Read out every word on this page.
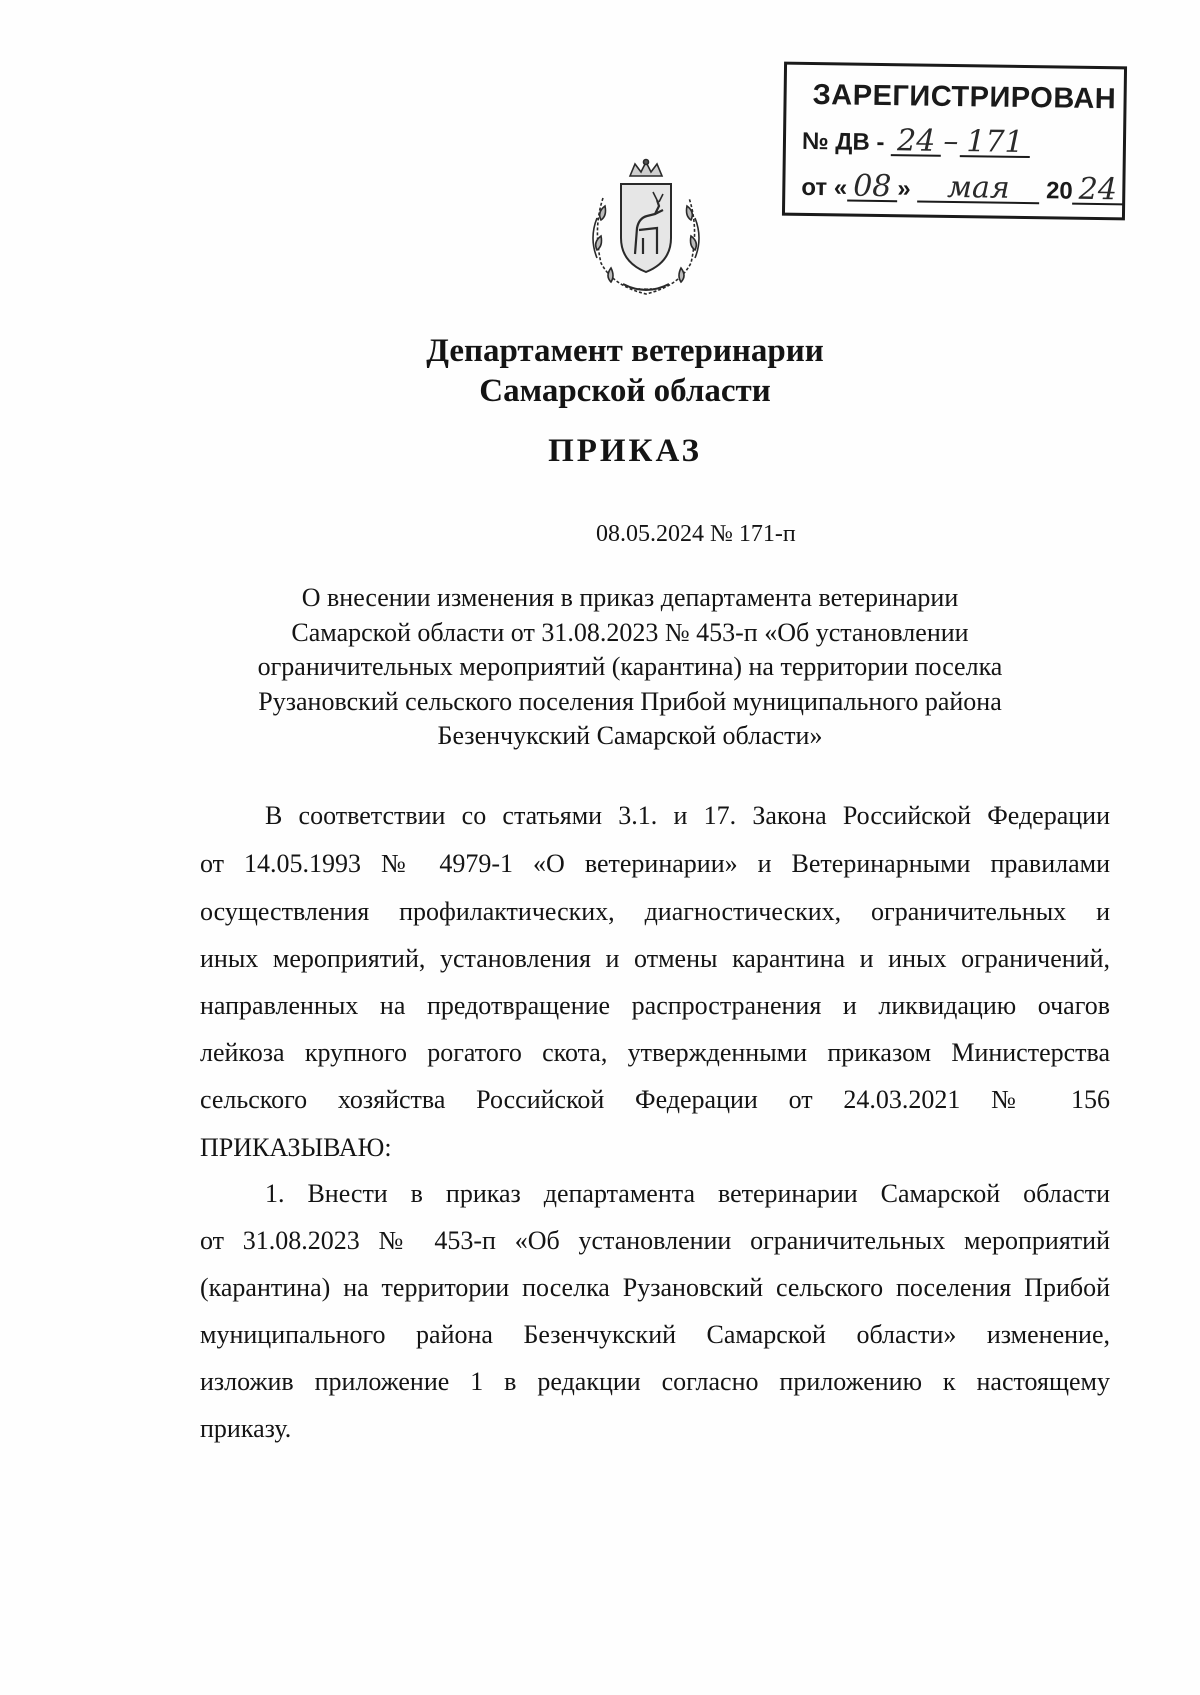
ЗАРЕГИСТРИРОВАН
№ ДВ - 24 – 171
от « 08 » мая 20 24
~~~
Департамент ветеринарии
Самарской области
ПРИКАЗ
08.05.2024 № 171-п
О внесении изменения в приказ департамента ветеринарии
Самарской области от 31.08.2023 № 453-п «Об установлении
ограничительных мероприятий (карантина) на территории поселка
Рузановский сельского поселения Прибой муниципального района
Безенчукский Самарской области»
В соответствии со статьями 3.1. и 17. Закона Российской Федерации
от 14.05.1993 № 4979-1 «О ветеринарии» и Ветеринарными правилами
осуществления профилактических, диагностических, ограничительных и
иных мероприятий, установления и отмены карантина и иных ограничений,
направленных на предотвращение распространения и ликвидацию очагов
лейкоза крупного рогатого скота, утвержденными приказом Министерства
сельского хозяйства Российской Федерации от 24.03.2021 № 156
ПРИКАЗЫВАЮ:
1. Внести в приказ департамента ветеринарии Самарской области
от 31.08.2023 № 453-п «Об установлении ограничительных мероприятий
(карантина) на территории поселка Рузановский сельского поселения Прибой
муниципального района Безенчукский Самарской области» изменение,
изложив приложение 1 в редакции согласно приложению к настоящему
приказу.
